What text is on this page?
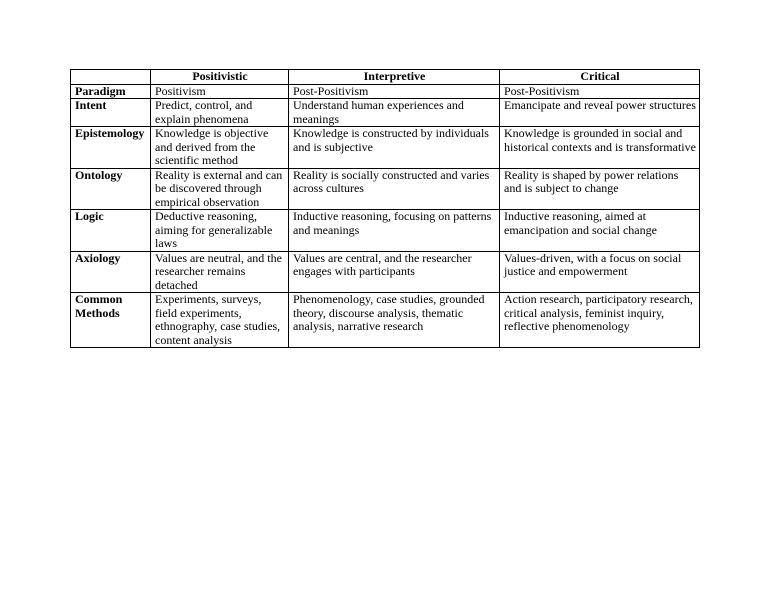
	Positivistic	Interpretive	Critical
Paradigm	Positivism	Post-Positivism	Post-Positivism
Intent	Predict, control, and explain phenomena	Understand human experiences and meanings	Emancipate and reveal power structures
Epistemology	Knowledge is objective and derived from the scientific method	Knowledge is constructed by individuals and is subjective	Knowledge is grounded in social and historical contexts and is transformative
Ontology	Reality is external and can be discovered through empirical observation	Reality is socially constructed and varies across cultures	Reality is shaped by power relations and is subject to change
Logic	Deductive reasoning, aiming for generalizable laws	Inductive reasoning, focusing on patterns and meanings	Inductive reasoning, aimed at emancipation and social change
Axiology	Values are neutral, and the researcher remains detached	Values are central, and the researcher engages with participants	Values-driven, with a focus on social justice and empowerment
Common Methods	Experiments, surveys, field experiments, ethnography, case studies, content analysis	Phenomenology, case studies, grounded theory, discourse analysis, thematic analysis, narrative research	Action research, participatory research, critical analysis, feminist inquiry, reflective phenomenology
